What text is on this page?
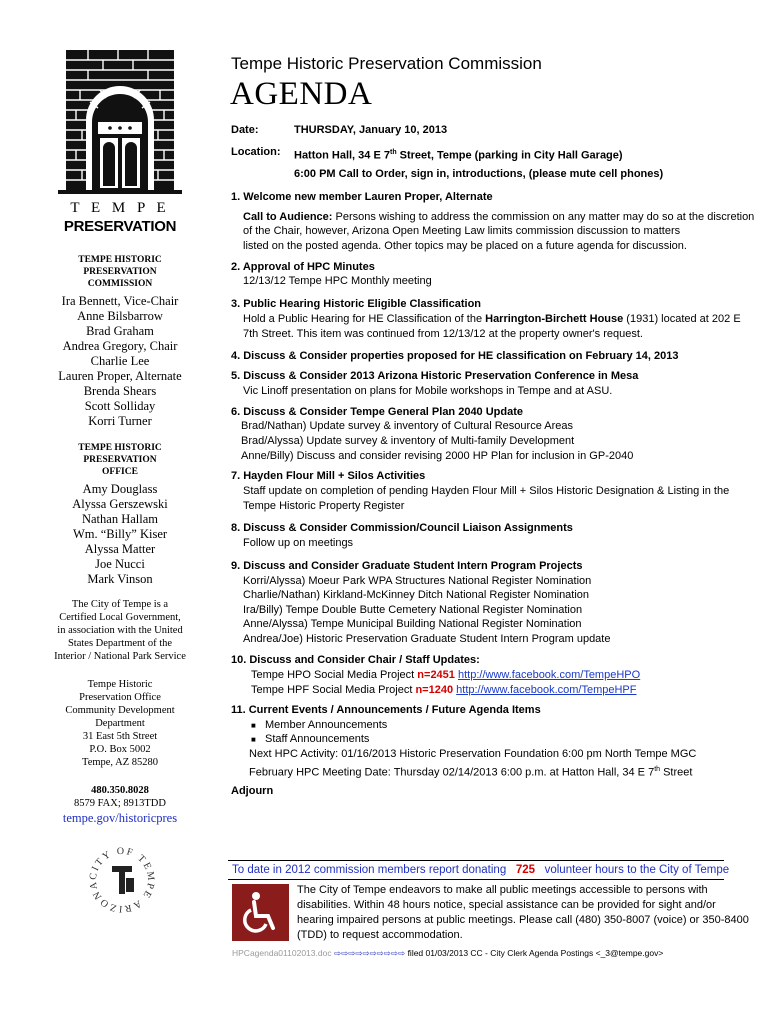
T E M P E
PRESERVATION
TEMPE HISTORIC
PRESERVATION
COMMISSION
Ira Bennett, Vice-Chair
Anne Bilsbarrow
Brad Graham
Andrea Gregory, Chair
Charlie Lee
Lauren Proper, Alternate
Brenda Shears
Scott Solliday
Korri Turner
TEMPE HISTORIC
PRESERVATION
OFFICE
Amy Douglass
Alyssa Gerszewski
Nathan Hallam
Wm. “Billy” Kiser
Alyssa Matter
Joe Nucci
Mark Vinson
The City of Tempe is a
Certified Local Government,
in association with the United
States Department of the
Interior / National Park Service
Tempe Historic
Preservation Office
Community Development
Department
31 East 5th Street
P.O. Box 5002
Tempe, AZ 85280
480.350.8028
8579 FAX; 8913TDD
tempe.gov/historicpres
CITY OF TEMPE ARIZONA
Tempe Historic Preservation Commission
AGENDA
Date:	THURSDAY, January 10, 2013
Location: Hatton Hall, 34 E 7th Street, Tempe (parking in City Hall Garage)
6:00 PM Call to Order, sign in, introductions, (please mute cell phones)
1. Welcome new member Lauren Proper, Alternate
Call to Audience: Persons wishing to address the commission on any matter may do so at the discretion
of the Chair, however, Arizona Open Meeting Law limits commission discussion to matters
listed on the posted agenda. Other topics may be placed on a future agenda for discussion.
2. Approval of HPC Minutes
12/13/12 Tempe HPC Monthly meeting
3. Public Hearing Historic Eligible Classification
Hold a Public Hearing for HE Classification of the Harrington-Birchett House (1931) located at 202 E
7th Street. This item was continued from 12/13/12 at the property owner's request.
4. Discuss & Consider properties proposed for HE classification on February 14, 2013
5. Discuss & Consider 2013 Arizona Historic Preservation Conference in Mesa
Vic Linoff presentation on plans for Mobile workshops in Tempe and at ASU.
6. Discuss & Consider Tempe General Plan 2040 Update
Brad/Nathan) Update survey & inventory of Cultural Resource Areas
Brad/Alyssa) Update survey & inventory of Multi-family Development
Anne/Billy) Discuss and consider revising 2000 HP Plan for inclusion in GP-2040
7. Hayden Flour Mill + Silos Activities
Staff update on completion of pending Hayden Flour Mill + Silos Historic Designation & Listing in the
Tempe Historic Property Register
8. Discuss & Consider Commission/Council Liaison Assignments
Follow up on meetings
9. Discuss and Consider Graduate Student Intern Program Projects
Korri/Alyssa) Moeur Park WPA Structures National Register Nomination
Charlie/Nathan) Kirkland-McKinney Ditch National Register Nomination
Ira/Billy) Tempe Double Butte Cemetery National Register Nomination
Anne/Alyssa) Tempe Municipal Building National Register Nomination
Andrea/Joe) Historic Preservation Graduate Student Intern Program update
10. Discuss and Consider Chair / Staff Updates:
Tempe HPO Social Media Project n=2451 http://www.facebook.com/TempeHPO
Tempe HPF Social Media Project n=1240 http://www.facebook.com/TempeHPF
11. Current Events / Announcements / Future Agenda Items
■ Member Announcements
■ Staff Announcements
Next HPC Activity: 01/16/2013 Historic Preservation Foundation 6:00 pm North Tempe MGC
February HPC Meeting Date: Thursday 02/14/2013 6:00 p.m. at Hatton Hall, 34 E 7th Street
Adjourn
To date in 2012 commission members report donating 725 volunteer hours to the City of Tempe
The City of Tempe endeavors to make all public meetings accessible to persons with
disabilities. Within 48 hours notice, special assistance can be provided for sight and/or
hearing impaired persons at public meetings. Please call (480) 350-8007 (voice) or 350-8400
(TDD) to request accommodation.
HPCagenda01102013.doc ⇨⇨⇨⇨⇨⇨⇨⇨⇨⇨ filed 01/03/2013 CC - City Clerk Agenda Postings <_3@tempe.gov>
